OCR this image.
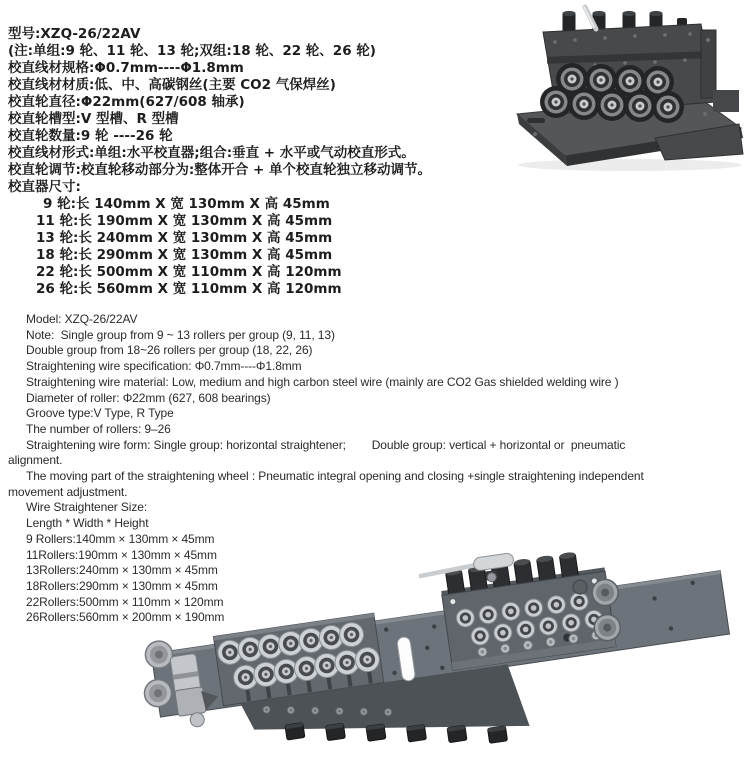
型号:XZQ-26/22AV
(注:单组:9 轮、11 轮、13 轮;双组:18 轮、22 轮、26 轮)
校直线材规格:Φ0.7mm----Φ1.8mm
校直线材材质:低、中、高碳钢丝(主要 CO2 气保焊丝)
校直轮直径:Φ22mm(627/608 轴承)
校直轮槽型:V 型槽、R 型槽
校直轮数量:9 轮 ----26 轮
校直线材形式:单组:水平校直器;组合:垂直 + 水平或气动校直形式。
校直轮调节:校直轮移动部分为:整体开合 + 单个校直轮独立移动调节。
校直器尺寸:
9 轮:长 140mm X 宽 130mm X 高 45mm
11 轮:长 190mm X 宽 130mm X 高 45mm
13 轮:长 240mm X 宽 130mm X 高 45mm
18 轮:长 290mm X 宽 130mm X 高 45mm
22 轮:长 500mm X 宽 110mm X 高 120mm
26 轮:长 560mm X 宽 110mm X 高 120mm
Model: XZQ-26/22AV
Note:  Single group from 9 ~ 13 rollers per group (9, 11, 13)
Double group from 18~26 rollers per group (18, 22, 26)
Straightening wire specification: Φ0.7mm----Φ1.8mm
Straightening wire material: Low, medium and high carbon steel wire (mainly are CO2 Gas shielded welding wire )
Diameter of roller: Φ22mm (627, 608 bearings)
Groove type:V Type, R Type
The number of rollers: 9–26
Straightening wire form: Single group: horizontal straightener;        Double group: vertical + horizontal or  pneumatic
alignment.
The moving part of the straightening wheel : Pneumatic integral opening and closing +single straightening independent
movement adjustment.
Wire Straightener Size:
Length * Width * Height
9 Rollers:140mm × 130mm × 45mm
11Rollers:190mm × 130mm × 45mm
13Rollers:240mm × 130mm × 45mm
18Rollers:290mm × 130mm × 45mm
22Rollers:500mm × 110mm × 120mm
26Rollers:560mm × 200mm × 190mm
